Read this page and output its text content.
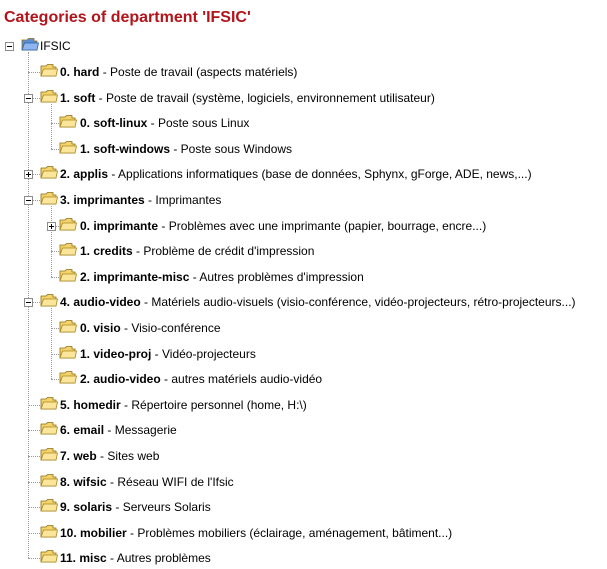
Categories of department 'IFSIC'
IFSIC
0. hard - Poste de travail (aspects matériels)
1. soft - Poste de travail (système, logiciels, environnement utilisateur)
0. soft-linux - Poste sous Linux
1. soft-windows - Poste sous Windows
2. applis - Applications informatiques (base de données, Sphynx, gForge, ADE, news,...)
3. imprimantes - Imprimantes
0. imprimante - Problèmes avec une imprimante (papier, bourrage, encre...)
1. credits - Problème de crédit d'impression
2. imprimante-misc - Autres problèmes d'impression
4. audio-video - Matériels audio-visuels (visio-conférence, vidéo-projecteurs, rétro-projecteurs...)
0. visio - Visio-conférence
1. video-proj - Vidéo-projecteurs
2. audio-video - autres matériels audio-vidéo
5. homedir - Répertoire personnel (home, H:\)
6. email - Messagerie
7. web - Sites web
8. wifsic - Réseau WIFI de l'Ifsic
9. solaris - Serveurs Solaris
10. mobilier - Problèmes mobiliers (éclairage, aménagement, bâtiment...)
11. misc - Autres problèmes
